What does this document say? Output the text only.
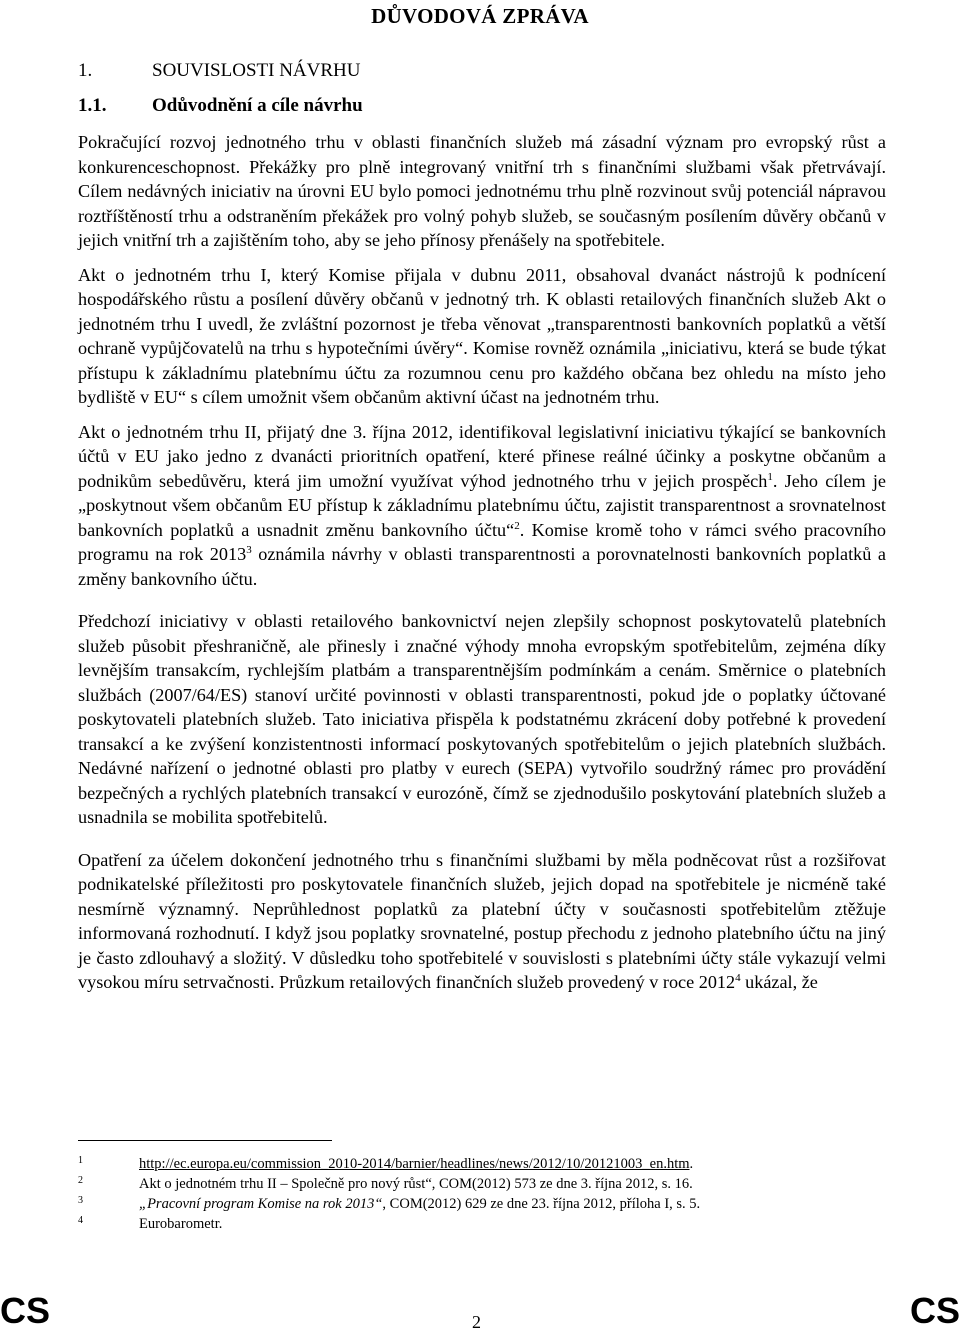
DŮVODOVÁ ZPRÁVA
1.	SOUVISLOSTI NÁVRHU
1.1. Odůvodnění a cíle návrhu

Pokračující rozvoj jednotného trhu v oblasti finančních služeb má zásadní význam pro evropský růst a konkurenceschopnost. Překážky pro plně integrovaný vnitřní trh s finančními službami však přetrvávají. Cílem nedávných iniciativ na úrovni EU bylo pomoci jednotnému trhu plně rozvinout svůj potenciál nápravou roztříštěností trhu a odstraněním překážek pro volný pohyb služeb, se současným posílením důvěry občanů v jejich vnitřní trh a zajištěním toho, aby se jeho přínosy přenášely na spotřebitele.

Akt o jednotném trhu I, který Komise přijala v dubnu 2011, obsahoval dvanáct nástrojů k podnícení hospodářského růstu a posílení důvěry občanů v jednotný trh. K oblasti retailových finančních služeb Akt o jednotném trhu I uvedl, že zvláštní pozornost je třeba věnovat „transparentnosti bankovních poplatků a větší ochraně vypůjčovatelů na trhu s hypotečními úvěry“. Komise rovněž oznámila „iniciativu, která se bude týkat přístupu k základnímu platebnímu účtu za rozumnou cenu pro každého občana bez ohledu na místo jeho bydliště v EU“ s cílem umožnit všem občanům aktivní účast na jednotném trhu.

Akt o jednotném trhu II, přijatý dne 3. října 2012, identifikoval legislativní iniciativu týkající se bankovních účtů v EU jako jedno z dvanácti prioritních opatření, které přinese reálné účinky a poskytne občanům a podnikům sebedůvěru, která jim umožní využívat výhod jednotného trhu v jejich prospěch$^1$. Jeho cílem je „poskytnout všem občanům EU přístup k základnímu platebnímu účtu, zajistit transparentnost a srovnatelnost bankovních poplatků a usnadnit změnu bankovního účtu“$^2$. Komise kromě toho v rámci svého pracovního programu na rok 2013$^3$ oznámila návrhy v oblasti transparentnosti a porovnatelnosti bankovních poplatků a změny bankovního účtu.

Předchozí iniciativy v oblasti retailového bankovnictví nejen zlepšily schopnost poskytovatelů platebních služeb působit přeshraničně, ale přinesly i značné výhody mnoha evropským spotřebitelům, zejména díky levnějším transakcím, rychlejším platbám a transparentnějším podmínkám a cenám. Směrnice o platebních službách (2007/64/ES) stanoví určité povinnosti v oblasti transparentnosti, pokud jde o poplatky účtované poskytovateli platebních služeb. Tato iniciativa přispěla k podstatnému zkrácení doby potřebné k provedení transakcí a ke zvýšení konzistentnosti informací poskytovaných spotřebitelům o jejich platebních službách. Nedávné nařízení o jednotné oblasti pro platby v eurech (SEPA) vytvořilo soudržný rámec pro provádění bezpečných a rychlých platebních transakcí v eurozóně, čímž se zjednodušilo poskytování platebních služeb a usnadnila se mobilita spotřebitelů.

Opatření za účelem dokončení jednotného trhu s finančními službami by měla podněcovat růst a rozšiřovat podnikatelské příležitosti pro poskytovatele finančních služeb, jejich dopad na spotřebitele je nicméně také nesmírně významný. Neprůhlednost poplatků za platební účty v současnosti spotřebitelům ztěžuje informovaná rozhodnutí. I když jsou poplatky srovnatelné, postup přechodu z jednoho platebního účtu na jiný je často zdlouhavý a složitý. V důsledku toho spotřebitelé v souvislosti s platebními účty stále vykazují velmi vysokou míru setrvačnosti. Průzkum retailových finančních služeb provedený v roce 2012$^4$ ukázal, že

1	http://ec.europa.eu/commission_2010-2014/barnier/headlines/news/2012/10/20121003_en.htm.
2	Akt o jednotném trhu II – Společně pro nový růst“, COM(2012) 573 ze dne 3. října 2012, s. 16.
3	„Pracovní program Komise na rok 2013“, COM(2012) 629 ze dne 23. října 2012, příloha I, s. 5.
4	Eurobarometr.
CS	2	CS
